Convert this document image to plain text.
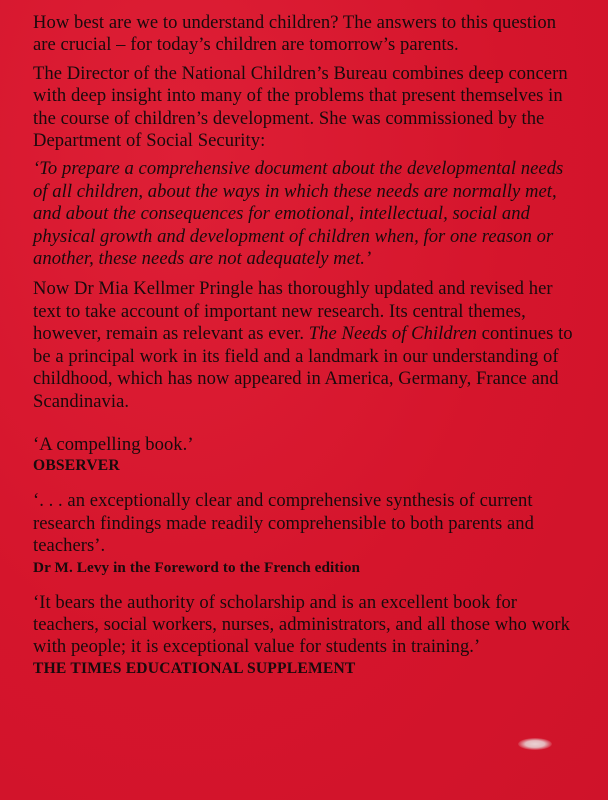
How best are we to understand children? The answers to this question are crucial – for today’s children are tomorrow’s parents.

The Director of the National Children’s Bureau combines deep concern with deep insight into many of the problems that present themselves in the course of children’s development. She was commissioned by the Department of Social Security:

‘To prepare a comprehensive document about the developmental needs of all children, about the ways in which these needs are normally met, and about the consequences for emotional, intellectual, social and physical growth and development of children when, for one reason or another, these needs are not adequately met.’

Now Dr Mia Kellmer Pringle has thoroughly updated and revised her text to take account of important new research. Its central themes, however, remain as relevant as ever. The Needs of Children continues to be a principal work in its field and a landmark in our understanding of childhood, which has now appeared in America, Germany, France and Scandinavia.

‘A compelling book.’

OBSERVER

‘. . . an exceptionally clear and comprehensive synthesis of current research findings made readily comprehensible to both parents and teachers’.

Dr M. Levy in the Foreword to the French edition

‘It bears the authority of scholarship and is an excellent book for teachers, social workers, nurses, administrators, and all those who work with people; it is exceptional value for students in training.’

THE TIMES EDUCATIONAL SUPPLEMENT
